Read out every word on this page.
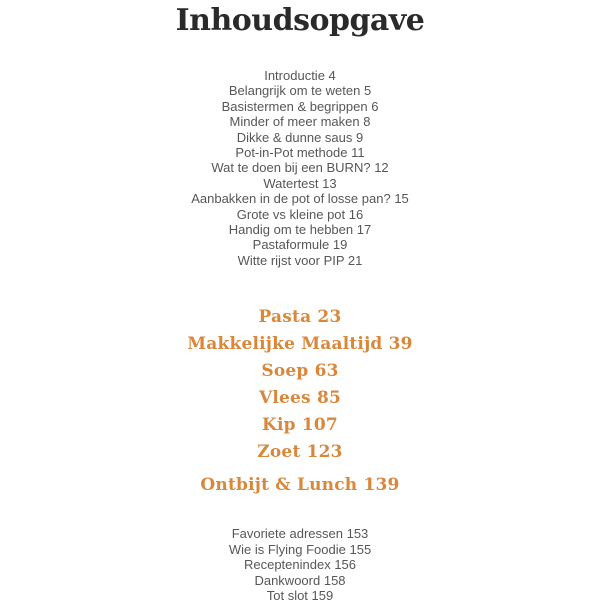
Inhoudsopgave
Introductie 4
Belangrijk om te weten 5
Basistermen & begrippen 6
Minder of meer maken 8
Dikke & dunne saus 9
Pot-in-Pot methode 11
Wat te doen bij een BURN? 12
Watertest 13
Aanbakken in de pot of losse pan? 15
Grote vs kleine pot 16
Handig om te hebben 17
Pastaformule 19
Witte rijst voor PIP 21
Pasta 23
Makkelijke Maaltijd 39
Soep 63
Vlees 85
Kip 107
Zoet 123
Ontbijt & Lunch 139
Favoriete adressen 153
Wie is Flying Foodie 155
Receptenindex 156
Dankwoord 158
Tot slot 159
